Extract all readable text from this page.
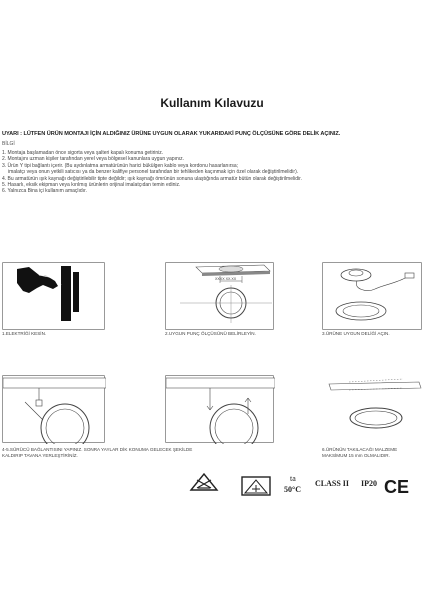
Kullanım Kılavuzu
UYARI : LÜTFEN ÜRÜN MONTAJI İÇİN ALDIĞINIZ ÜRÜNE UYGUN OLARAK YUKARIDAKİ PUNÇ ÖLÇÜSÜNE GÖRE DELİK AÇINIZ.
BİLGİ
1. Montaja başlamadan önce sigorta veya şalteri kapalı konuma getiriniz.
2. Montajını uzman kişiler tarafından yerel veya bölgesel kanunlara uygun yapınız.
3. Ürün Y tipi bağlantı içerir. (Bu aydınlatma armatürünün harici bükülgen kablo veya kordonu hasarlanırsa;
imalatçı veya onun yetkili satıcısı ya da benzer kalifiye personel tarafından bir tehlikeden kaçınmak için özel olarak değiştirilmelidir).
4. Bu armatürün ışık kaynağı değiştirilebilir tipte değildir; ışık kaynağı ömrünün sonuna ulaştığında armatür bütün olarak değiştirilmelidir.
5. Hasarlı, eksik ekipman veya kırılmış ürünlerin orijinal imalatçıdan temin ediniz.
6. Yalnızca Bina içi kullanım amaçlıdır.
1.ELEKTRİĞİ KESİN.
XXXX XX.XX
2.UYGUN PUNÇ ÖLÇÜSÜNÜ BELİRLEYİN.	3.ÜRÜNE UYGUN DELİĞİ AÇIN.
4-5.SÜRÜCÜ BAĞLANTISINI YAPINIZ. SONRA YAYLAR DİK KONUMA GELECEK ŞEKİLDE
KALDIRIP TAVANA YERLEŞTİRİNİZ.
6.ÜRÜNÜN TAKILACAĞI MALZEME
MAKSİMUM 15 mm OLMALIDIR.
ta
50°C
CLASS II IP20 CE
